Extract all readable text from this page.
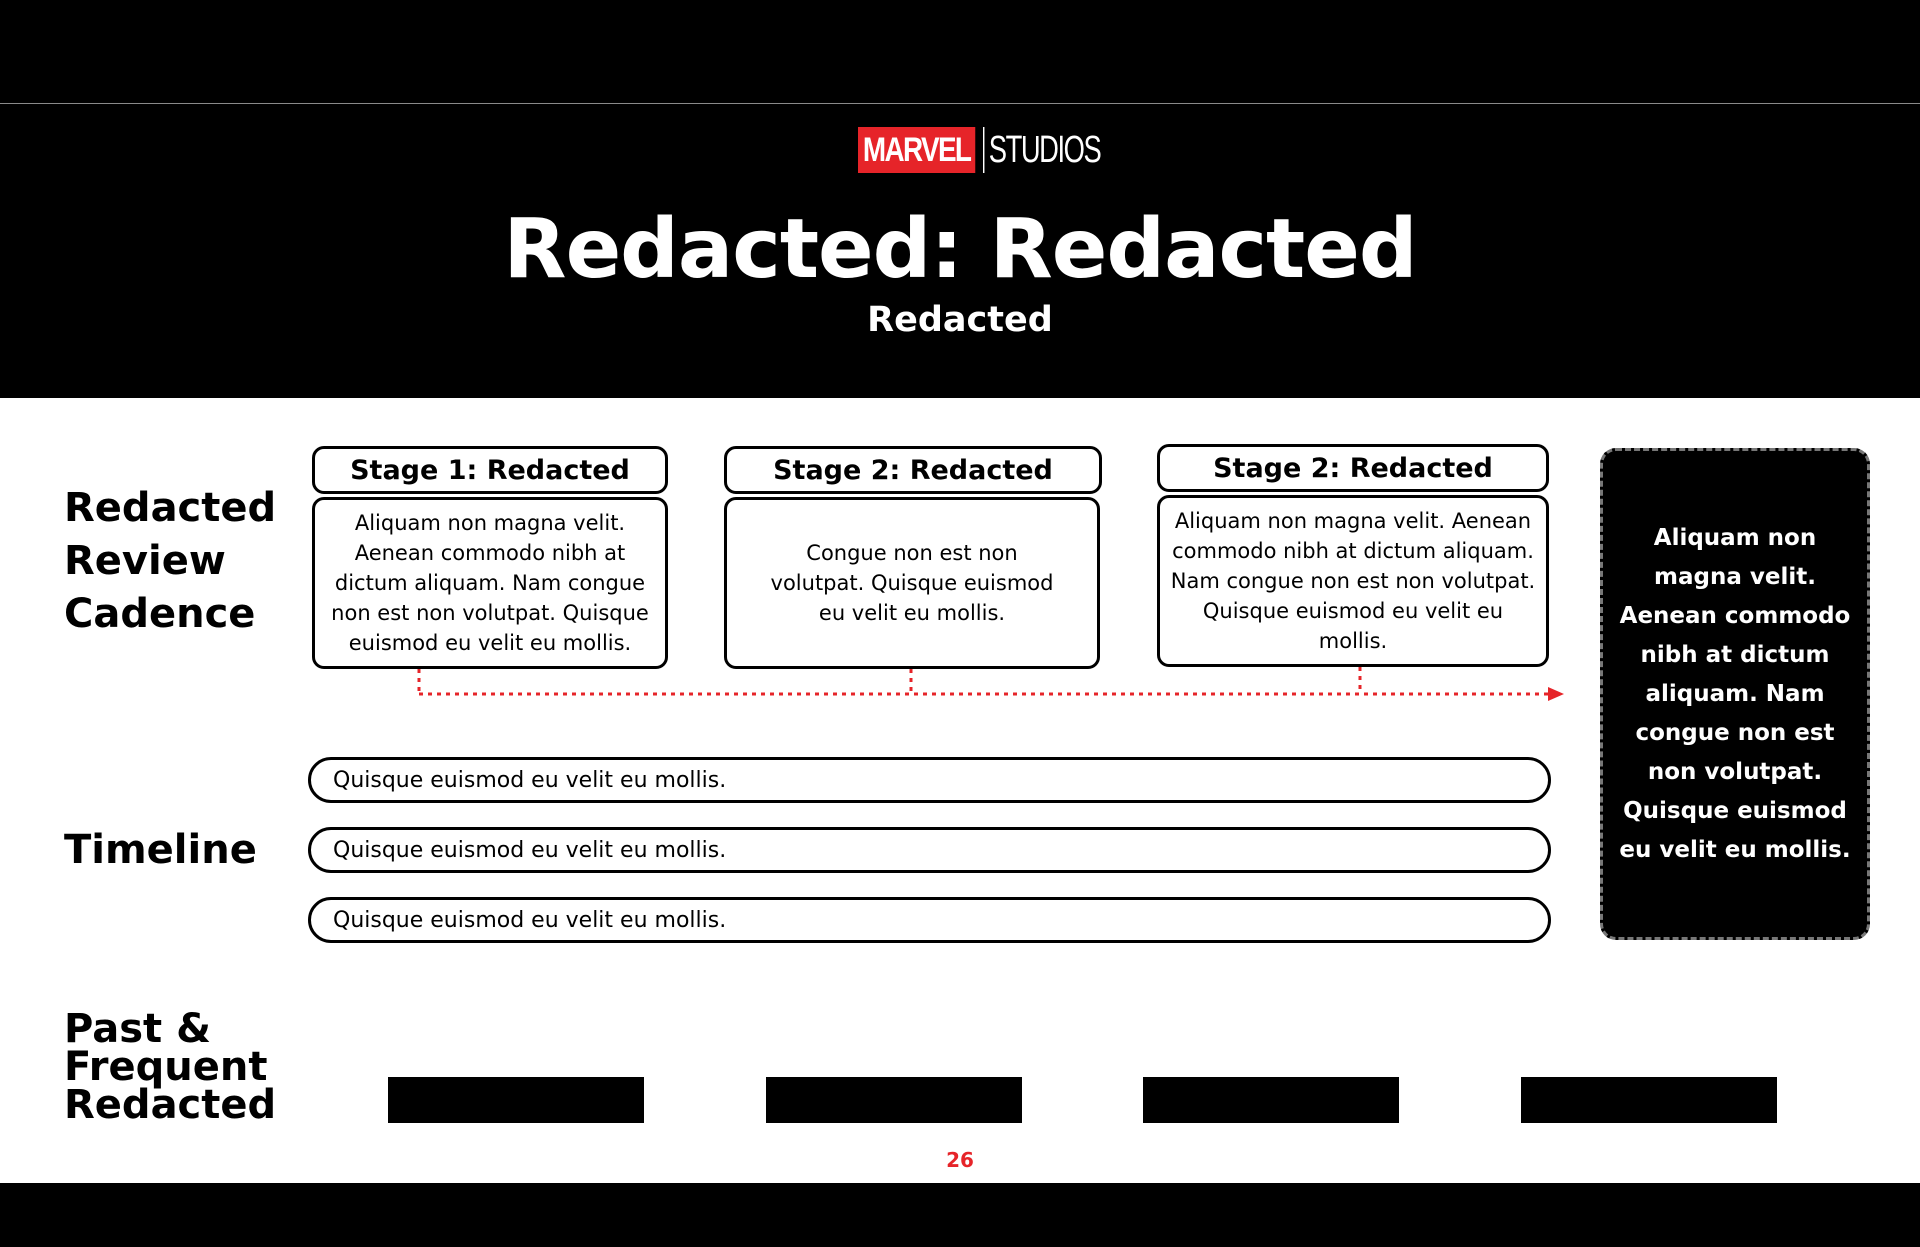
MARVEL STUDIOS
Redacted: Redacted
Redacted
Redacted Review Cadence
Timeline
Past & Frequent Redacted
Stage 1: Redacted
Aliquam non magna velit. Aenean commodo nibh at dictum aliquam. Nam congue non est non volutpat. Quisque euismod eu velit eu mollis.
Stage 2: Redacted
Congue non est non volutpat. Quisque euismod eu velit eu mollis.
Stage 2: Redacted
Aliquam non magna velit. Aenean commodo nibh at dictum aliquam. Nam congue non est non volutpat. Quisque euismod eu velit eu mollis.
Quisque euismod eu velit eu mollis.
Quisque euismod eu velit eu mollis.
Quisque euismod eu velit eu mollis.
Aliquam non magna velit. Aenean commodo nibh at dictum aliquam. Nam congue non est non volutpat. Quisque euismod eu velit eu mollis.
26
